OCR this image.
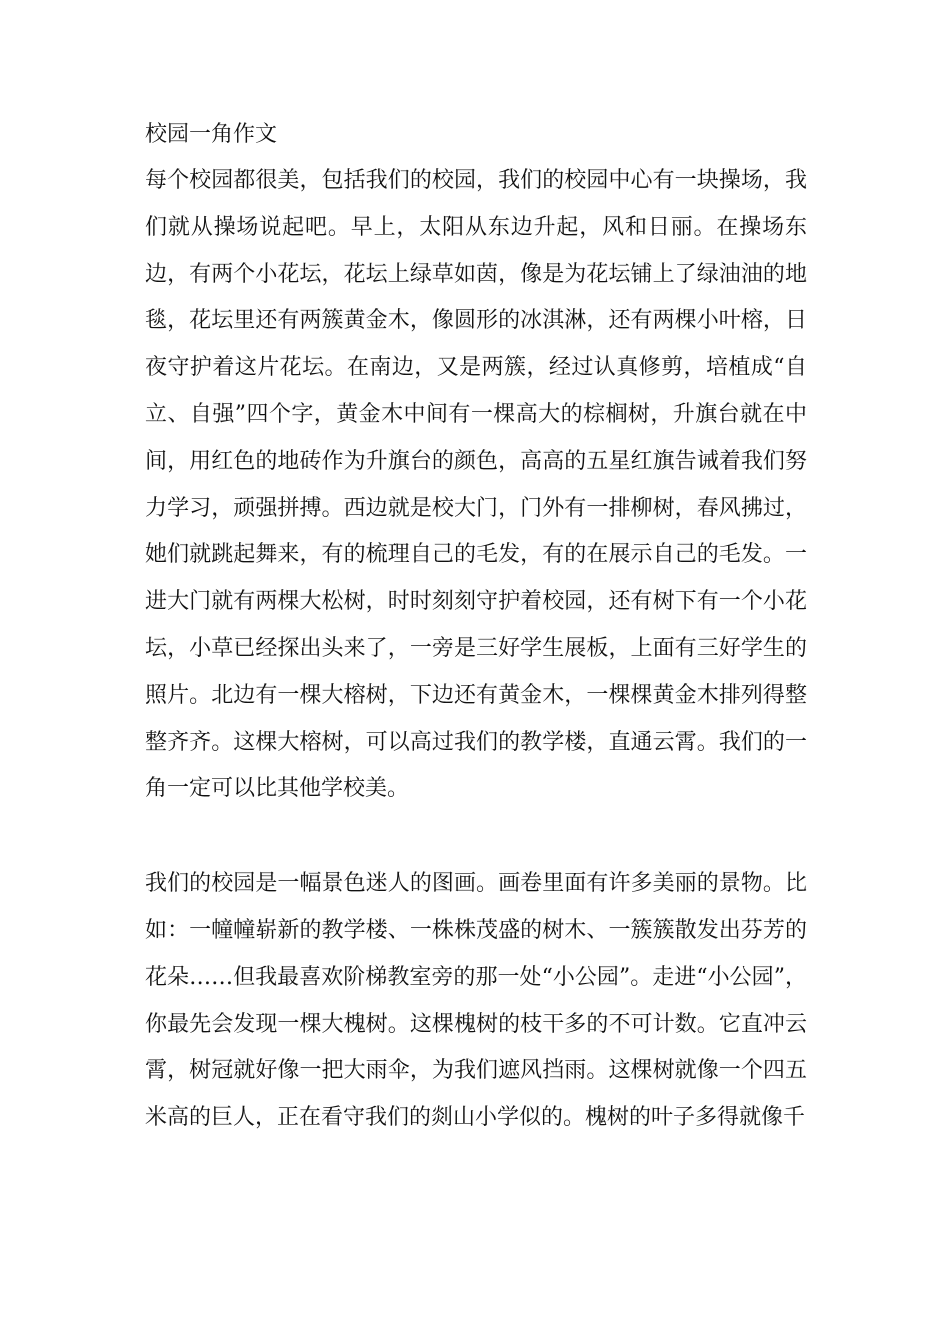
校园一角作文

每个校园都很美，包括我们的校园，我们的校园中心有一块操场，我们就从操场说起吧。早上，太阳从东边升起，风和日丽。在操场东边，有两个小花坛，花坛上绿草如茵，像是为花坛铺上了绿油油的地毯，花坛里还有两簇黄金木，像圆形的冰淇淋，还有两棵小叶榕，日夜守护着这片花坛。在南边，又是两簇，经过认真修剪，培植成“自立、自强”四个字，黄金木中间有一棵高大的棕榈树，升旗台就在中间，用红色的地砖作为升旗台的颜色，高高的五星红旗告诫着我们努力学习，顽强拼搏。西边就是校大门，门外有一排柳树，春风拂过，她们就跳起舞来，有的梳理自己的毛发，有的在展示自己的毛发。一进大门就有两棵大松树，时时刻刻守护着校园，还有树下有一个小花坛，小草已经探出头来了，一旁是三好学生展板，上面有三好学生的照片。北边有一棵大榕树，下边还有黄金木，一棵棵黄金木排列得整整齐齐。这棵大榕树，可以高过我们的教学楼，直通云霄。我们的一角一定可以比其他学校美。

我们的校园是一幅景色迷人的图画。画卷里面有许多美丽的景物。比如：一幢幢崭新的教学楼、一株株茂盛的树木、一簇簇散发出芬芳的花朵……但我最喜欢阶梯教室旁的那一处“小公园”。走进“小公园”，你最先会发现一棵大槐树。这棵槐树的枝干多的不可计数。它直冲云霄，树冠就好像一把大雨伞，为我们遮风挡雨。这棵树就像一个四五米高的巨人，正在看守我们的剡山小学似的。槐树的叶子多得就像千
